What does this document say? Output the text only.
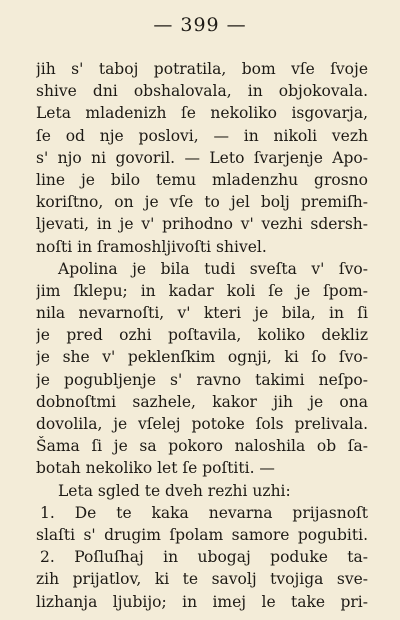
— 399 —
jih s' taboj potratila, bom vſe ſvoje
shive dni obshalovala, in objokovala.
Leta mladenizh ſe nekoliko isgovarja,
ſe od nje poslovi, — in nikoli vezh
s' njo ni govoril. — Leto ſvarjenje Apo-
line je bilo temu mladenzhu grosno
koriſtno, on je vſe to jel bolj premiſh-
ljevati, in je v' prihodno v' vezhi sdersh-
noſti in ſramoshljivoſti shivel.
Apolina je bila tudi sveſta v' ſvo-
jim ſklepu; in kadar koli ſe je ſpom-
nila nevarnoſti, v' kteri je bila, in ſi
je pred ozhi poſtavila, koliko dekliz
je she v' peklenſkim ognji, ki ſo ſvo-
je pogubljenje s' ravno takimi neſpo-
dobnoſtmi sazhele, kakor jih je ona
dovolila, je vſelej potoke ſols prelivala.
Šama ſi je sa pokoro naloshila ob ſa-
botah nekoliko let ſe poſtiti. —
Leta sgled te dveh rezhi uzhi:
1. De te kaka nevarna prijasnoſt
slaſti s' drugim ſpolam samore pogubiti.
2. Poſluſhaj in ubogaj poduke ta-
zih prijatlov, ki te savolj tvojiga sve-
lizhanja ljubijo; in imej le take pri-
